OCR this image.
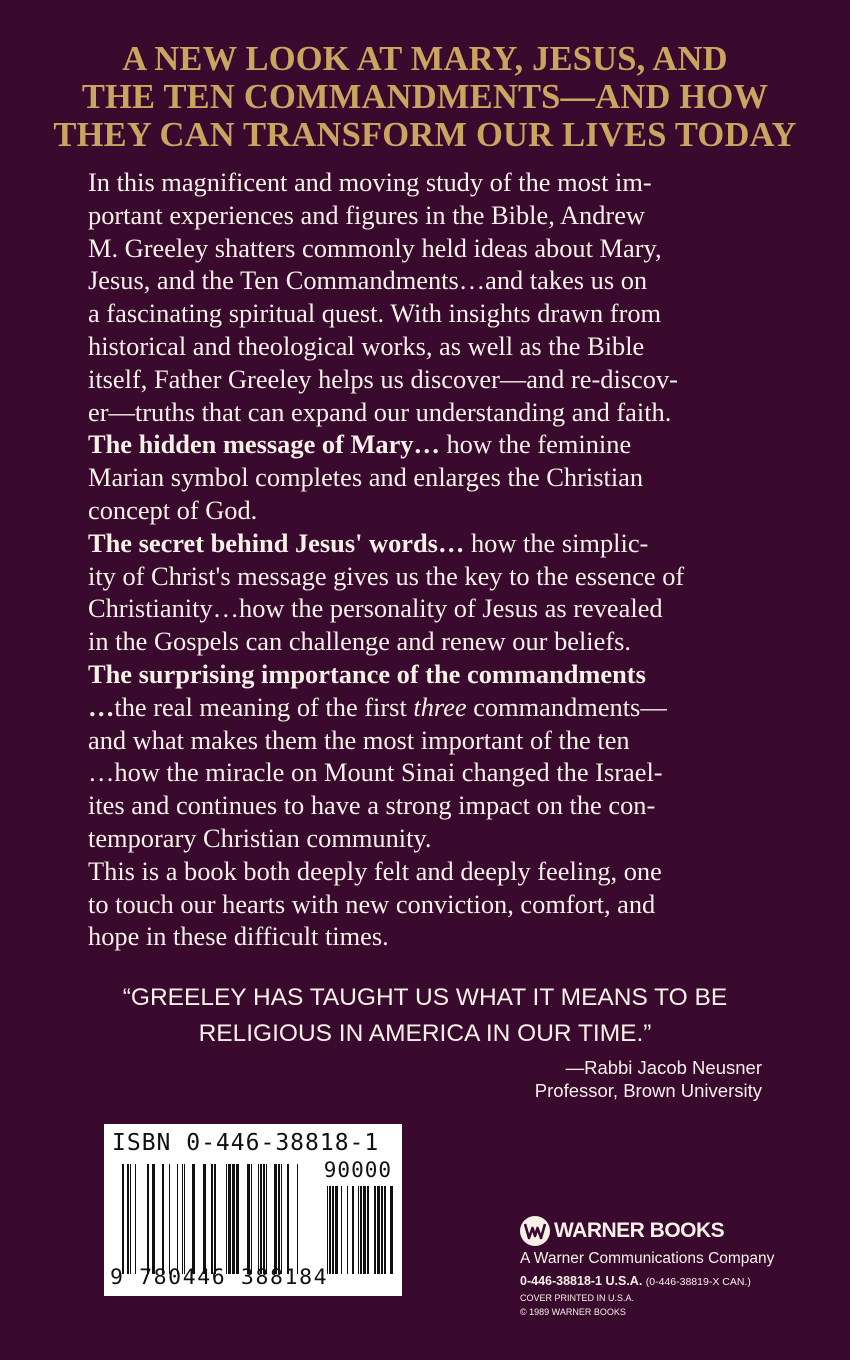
A NEW LOOK AT MARY, JESUS, AND
THE TEN COMMANDMENTS—AND HOW
THEY CAN TRANSFORM OUR LIVES TODAY
In this magnificent and moving study of the most im-
portant experiences and figures in the Bible, Andrew
M. Greeley shatters commonly held ideas about Mary,
Jesus, and the Ten Commandments…and takes us on
a fascinating spiritual quest. With insights drawn from
historical and theological works, as well as the Bible
itself, Father Greeley helps us discover—and re-discov-
er—truths that can expand our understanding and faith.
The hidden message of Mary… how the feminine
Marian symbol completes and enlarges the Christian
concept of God.
The secret behind Jesus' words… how the simplic-
ity of Christ's message gives us the key to the essence of
Christianity…how the personality of Jesus as revealed
in the Gospels can challenge and renew our beliefs.
The surprising importance of the commandments
…the real meaning of the first three commandments—
and what makes them the most important of the ten
…how the miracle on Mount Sinai changed the Israel-
ites and continues to have a strong impact on the con-
temporary Christian community.
This is a book both deeply felt and deeply feeling, one
to touch our hearts with new conviction, comfort, and
hope in these difficult times.
“GREELEY HAS TAUGHT US WHAT IT MEANS TO BE
RELIGIOUS IN AMERICA IN OUR TIME.”
—Rabbi Jacob Neusner
Professor, Brown University
ISBN 0-446-38818-1
90000
9 780446 388184
WARNER BOOKS
A Warner Communications Company
0-446-38818-1 U.S.A. (0-446-38819-X CAN.)
COVER PRINTED IN U.S.A.
© 1989 WARNER BOOKS
